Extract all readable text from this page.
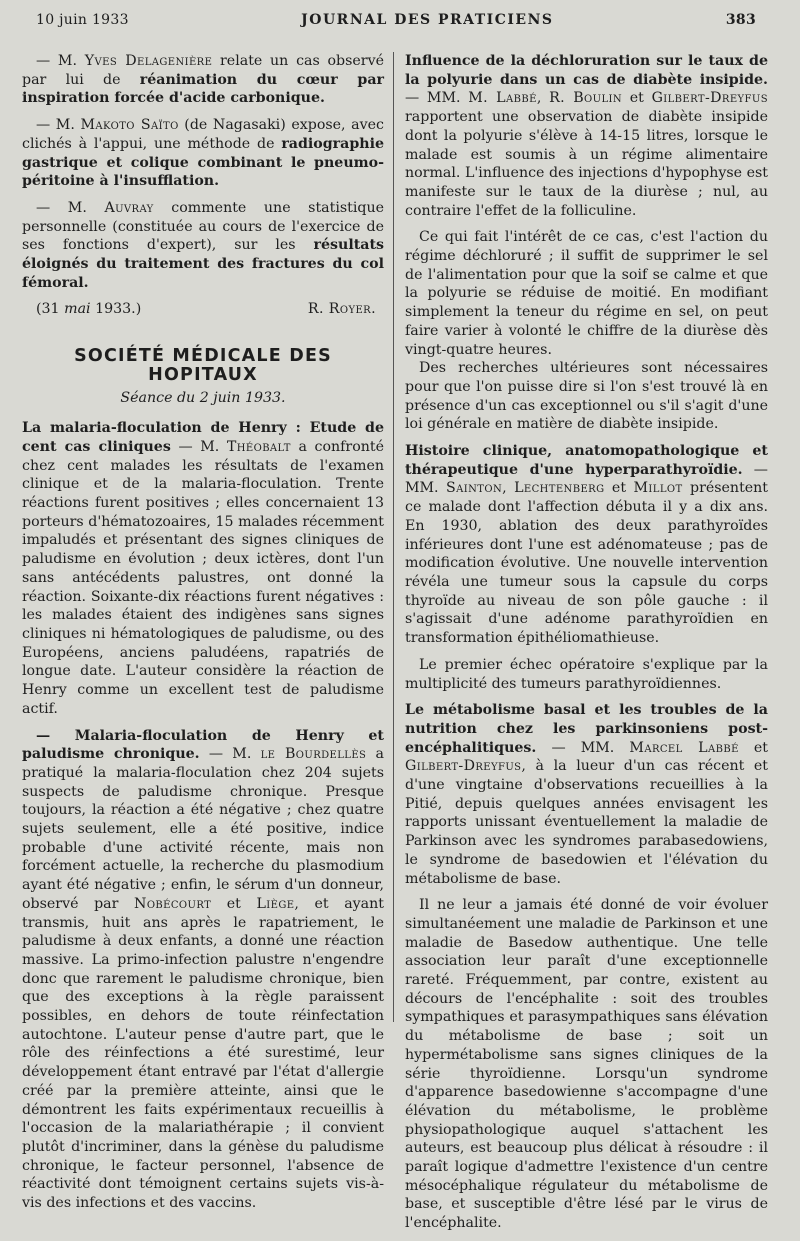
10 juin 1933	JOURNAL DES PRATICIENS	383

— M. Yves Delagenière relate un cas observé par lui de réanimation du cœur par inspiration forcée d'acide carbonique.

— M. Makoto Saïto (de Nagasaki) expose, avec clichés à l'appui, une méthode de radiographie gastrique et colique combinant le pneumo-péritoine à l'insufflation.

— M. Auvray commente une statistique personnelle (constituée au cours de l'exercice de ses fonctions d'expert), sur les résultats éloignés du traitement des fractures du col fémoral.

(31 mai 1933.)	R. Royer.

SOCIÉTÉ MÉDICALE DES HOPITAUX

Séance du 2 juin 1933.

La malaria-floculation de Henry : Etude de cent cas cliniques — M. Théobalt a confronté chez cent malades les résultats de l'examen clinique et de la malaria-floculation. Trente réactions furent positives ; elles concernaient 13 porteurs d'hématozoaires, 15 malades récemment impaludés et présentant des signes cliniques de paludisme en évolution ; deux ictères, dont l'un sans antécédents palustres, ont donné la réaction. Soixante-dix réactions furent négatives : les malades étaient des indigènes sans signes cliniques ni hématologiques de paludisme, ou des Européens, anciens paludéens, rapatriés de longue date. L'auteur considère la réaction de Henry comme un excellent test de paludisme actif.

— Malaria-floculation de Henry et paludisme chronique. — M. le Bourdellès a pratiqué la malaria-floculation chez 204 sujets suspects de paludisme chronique. Presque toujours, la réaction a été négative ; chez quatre sujets seulement, elle a été positive, indice probable d'une activité récente, mais non forcément actuelle, la recherche du plasmodium ayant été négative ; enfin, le sérum d'un donneur, observé par Nobécourt et Liège, et ayant transmis, huit ans après le rapatriement, le paludisme à deux enfants, a donné une réaction massive. La primo-infection palustre n'engendre donc que rarement le paludisme chronique, bien que des exceptions à la règle paraissent possibles, en dehors de toute réinfectation autochtone. L'auteur pense d'autre part, que le rôle des réinfections a été surestimé, leur développement étant entravé par l'état d'allergie créé par la première atteinte, ainsi que le démontrent les faits expérimentaux recueillis à l'occasion de la malariathérapie ; il convient plutôt d'incriminer, dans la génèse du paludisme chronique, le facteur personnel, l'absence de réactivité dont témoignent certains sujets vis-à-vis des infections et des vaccins.

Influence de la déchloruration sur le taux de la polyurie dans un cas de diabète insipide. — MM. M. Labbé, R. Boulin et Gilbert-Dreyfus rapportent une observation de diabète insipide dont la polyurie s'élève à 14-15 litres, lorsque le malade est soumis à un régime alimentaire normal. L'influence des injections d'hypophyse est manifeste sur le taux de la diurèse ; nul, au contraire l'effet de la folliculine.

Ce qui fait l'intérêt de ce cas, c'est l'action du régime déchloruré ; il suffit de supprimer le sel de l'alimentation pour que la soif se calme et que la polyurie se réduise de moitié. En modifiant simplement la teneur du régime en sel, on peut faire varier à volonté le chiffre de la diurèse dès vingt-quatre heures.

Des recherches ultérieures sont nécessaires pour que l'on puisse dire si l'on s'est trouvé là en présence d'un cas exceptionnel ou s'il s'agit d'une loi générale en matière de diabète insipide.

Histoire clinique, anatomopathologique et thérapeutique d'une hyperparathyroïdie. — MM. Sainton, Lechtenberg et Millot présentent ce malade dont l'affection débuta il y a dix ans. En 1930, ablation des deux parathyroïdes inférieures dont l'une est adénomateuse ; pas de modification évolutive. Une nouvelle intervention révéla une tumeur sous la capsule du corps thyroïde au niveau de son pôle gauche : il s'agissait d'une adénome parathyroïdien en transformation épithéliomathieuse.

Le premier échec opératoire s'explique par la multiplicité des tumeurs parathyroïdiennes.

Le métabolisme basal et les troubles de la nutrition chez les parkinsoniens post-encéphalitiques. — MM. Marcel Labbé et Gilbert-Dreyfus, à la lueur d'un cas récent et d'une vingtaine d'observations recueillies à la Pitié, depuis quelques années envisagent les rapports unissant éventuellement la maladie de Parkinson avec les syndromes parabasedowiens, le syndrome de basedowien et l'élévation du métabolisme de base.

Il ne leur a jamais été donné de voir évoluer simultanéement une maladie de Parkinson et une maladie de Basedow authentique. Une telle association leur paraît d'une exceptionnelle rareté. Fréquemment, par contre, existent au décours de l'encéphalite : soit des troubles sympathiques et parasympathiques sans élévation du métabolisme de base ; soit un hypermétabolisme sans signes cliniques de la série thyroïdienne. Lorsqu'un syndrome d'apparence basedowienne s'accompagne d'une élévation du métabolisme, le problème physiopathologique auquel s'attachent les auteurs, est beaucoup plus délicat à résoudre : il paraît logique d'admettre l'existence d'un centre mésocéphalique régulateur du métabolisme de base, et susceptible d'être lésé par le virus de l'encéphalite.
